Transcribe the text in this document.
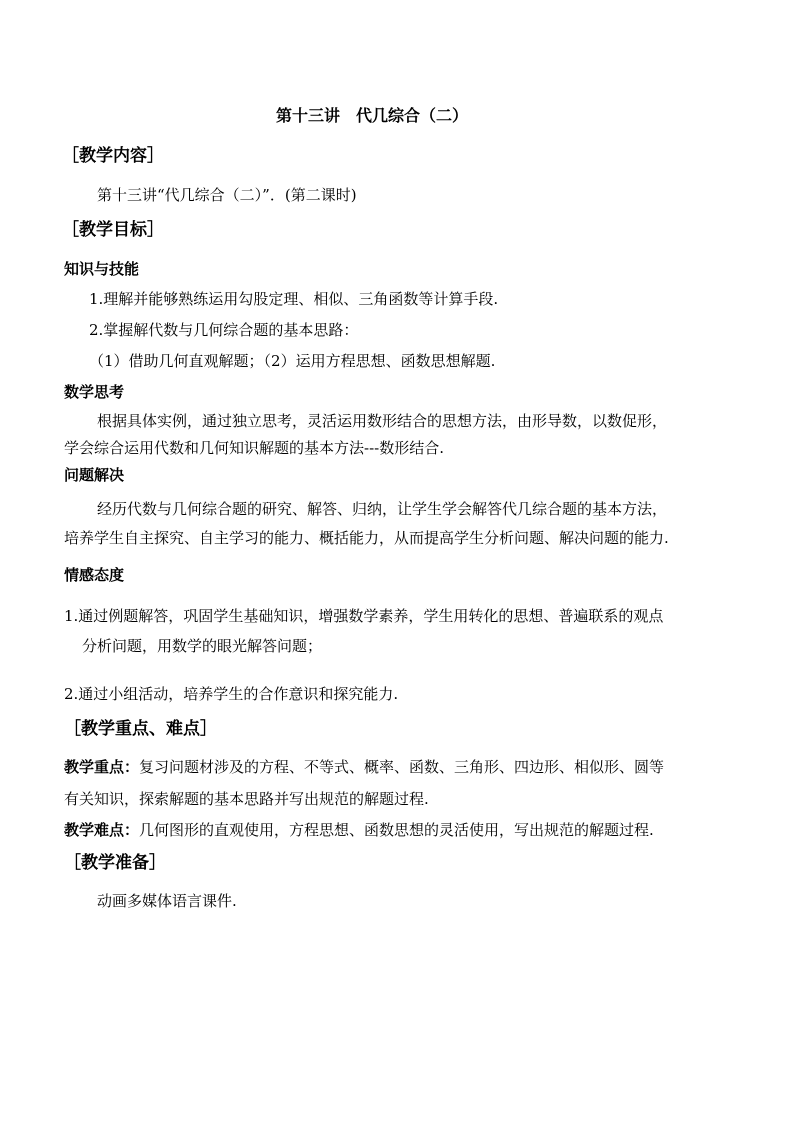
第十三讲　代几综合（二）
［教学内容］
第十三讲“代几综合（二）”．(第二课时)
［教学目标］
知识与技能
1.理解并能够熟练运用勾股定理、相似、三角函数等计算手段.
2.掌握解代数与几何综合题的基本思路：
（1）借助几何直观解题；（2）运用方程思想、函数思想解题.
数学思考
根据具体实例，通过独立思考，灵活运用数形结合的思想方法，由形导数，以数促形，
学会综合运用代数和几何知识解题的基本方法---数形结合.
问题解决
经历代数与几何综合题的研究、解答、归纳，让学生学会解答代几综合题的基本方法，
培养学生自主探究、自主学习的能力、概括能力，从而提高学生分析问题、解决问题的能力.
情感态度
1.通过例题解答，巩固学生基础知识，增强数学素养，学生用转化的思想、普遍联系的观点
分析问题，用数学的眼光解答问题；
2.通过小组活动，培养学生的合作意识和探究能力.
［教学重点、难点］
教学重点：复习问题材涉及的方程、不等式、概率、函数、三角形、四边形、相似形、圆等
有关知识，探索解题的基本思路并写出规范的解题过程.
教学难点：几何图形的直观使用，方程思想、函数思想的灵活使用，写出规范的解题过程.
［教学准备］
动画多媒体语言课件.
